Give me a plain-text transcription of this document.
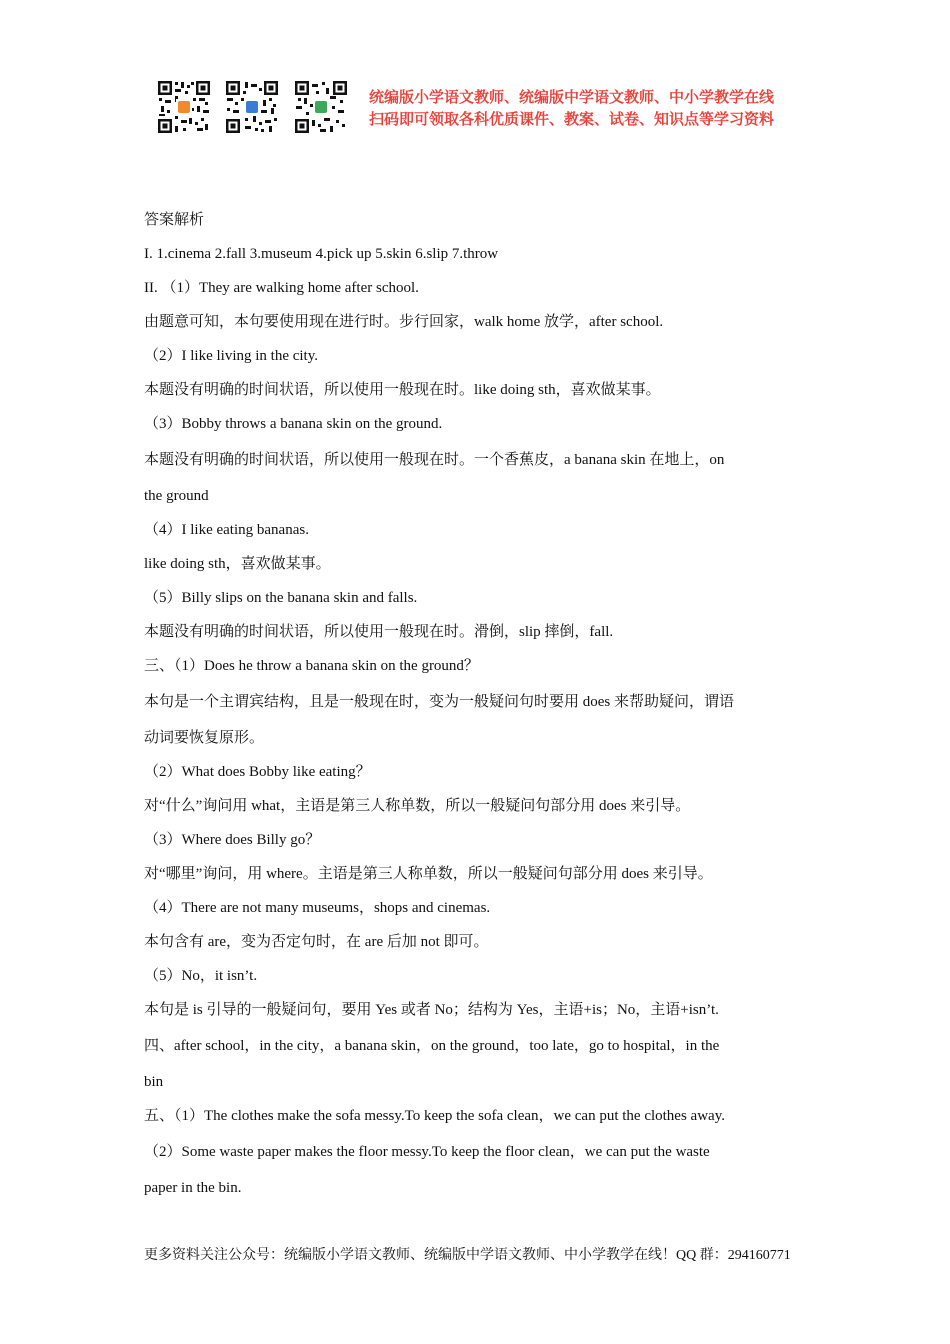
统编版小学语文教师、统编版中学语文教师、中小学教学在线
扫码即可领取各科优质课件、教案、试卷、知识点等学习资料

答案解析

I. 1.cinema 2.fall 3.museum 4.pick up 5.skin 6.slip 7.throw

II. （1）They are walking home after school.

由题意可知，本句要使用现在进行时。步行回家，walk home 放学，after school.

（2）I like living in the city.

本题没有明确的时间状语，所以使用一般现在时。like doing sth，喜欢做某事。

（3）Bobby throws a banana skin on the ground.

本题没有明确的时间状语，所以使用一般现在时。一个香蕉皮，a banana skin 在地上，on

the ground

（4）I like eating bananas.

like doing sth，喜欢做某事。

（5）Billy slips on the banana skin and falls.

本题没有明确的时间状语，所以使用一般现在时。滑倒，slip 摔倒，fall.

三、（1）Does he throw a banana skin on the ground？

本句是一个主谓宾结构，且是一般现在时，变为一般疑问句时要用 does 来帮助疑问，谓语

动词要恢复原形。

（2）What does Bobby like eating？

对“什么”询问用 what，主语是第三人称单数，所以一般疑问句部分用 does 来引导。

（3）Where does Billy go？

对“哪里”询问，用 where。主语是第三人称单数，所以一般疑问句部分用 does 来引导。

（4）There are not many museums，shops and cinemas.

本句含有 are，变为否定句时，在 are 后加 not 即可。

（5）No，it isn’t.

本句是 is 引导的一般疑问句，要用 Yes 或者 No；结构为 Yes，主语+is；No，主语+isn’t.

四、after school，in the city，a banana skin，on the ground，too late，go to hospital，in the

bin

五、（1）The clothes make the sofa messy.To keep the sofa clean，we can put the clothes away.

（2）Some waste paper makes the floor messy.To keep the floor clean，we can put the waste

paper in the bin.

更多资料关注公众号：统编版小学语文教师、统编版中学语文教师、中小学教学在线！QQ 群：294160771
